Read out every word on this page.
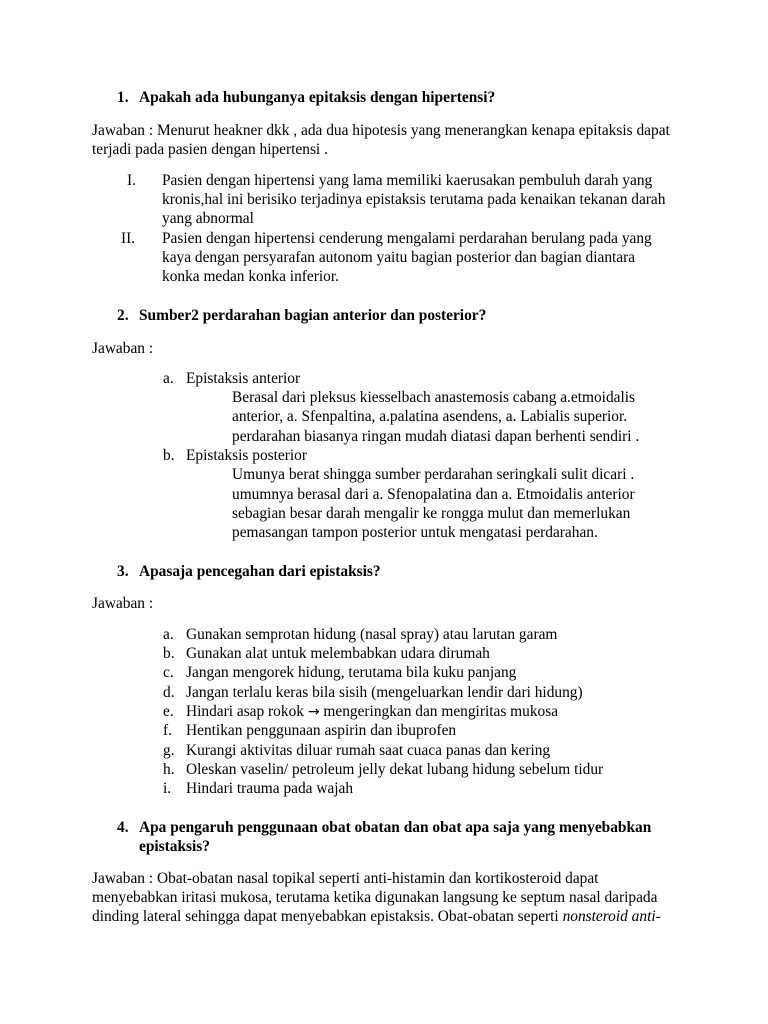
1. Apakah ada hubunganya epitaksis dengan hipertensi?
Jawaban : Menurut heakner dkk , ada dua hipotesis yang menerangkan kenapa epitaksis dapat
terjadi pada pasien dengan hipertensi .
I. Pasien dengan hipertensi yang lama memiliki kaerusakan pembuluh darah yang
kronis,hal ini berisiko terjadinya epistaksis terutama pada kenaikan tekanan darah
yang abnormal
II. Pasien dengan hipertensi cenderung mengalami perdarahan berulang pada yang
kaya dengan persyarafan autonom yaitu bagian posterior dan bagian diantara
konka medan konka inferior.
2. Sumber2 perdarahan bagian anterior dan posterior?
Jawaban :
a. Epistaksis anterior
Berasal dari pleksus kiesselbach anastemosis cabang a.etmoidalis
anterior, a. Sfenpaltina, a.palatina asendens, a. Labialis superior.
perdarahan biasanya ringan mudah diatasi dapan berhenti sendiri .
b. Epistaksis posterior
Umunya berat shingga sumber perdarahan seringkali sulit dicari .
umumnya berasal dari a. Sfenopalatina dan a. Etmoidalis anterior
sebagian besar darah mengalir ke rongga mulut dan memerlukan
pemasangan tampon posterior untuk mengatasi perdarahan.
3. Apasaja pencegahan dari epistaksis?
Jawaban :
a. Gunakan semprotan hidung (nasal spray) atau larutan garam
b. Gunakan alat untuk melembabkan udara dirumah
c. Jangan mengorek hidung, terutama bila kuku panjang
d. Jangan terlalu keras bila sisih (mengeluarkan lendir dari hidung)
e. Hindari asap rokok → mengeringkan dan mengiritas mukosa
f. Hentikan penggunaan aspirin dan ibuprofen
g. Kurangi aktivitas diluar rumah saat cuaca panas dan kering
h. Oleskan vaselin/ petroleum jelly dekat lubang hidung sebelum tidur
i. Hindari trauma pada wajah
4. Apa pengaruh penggunaan obat obatan dan obat apa saja yang menyebabkan
epistaksis?
Jawaban : Obat-obatan nasal topikal seperti anti-histamin dan kortikosteroid dapat
menyebabkan iritasi mukosa, terutama ketika digunakan langsung ke septum nasal daripada
dinding lateral sehingga dapat menyebabkan epistaksis. Obat-obatan seperti nonsteroid anti-
